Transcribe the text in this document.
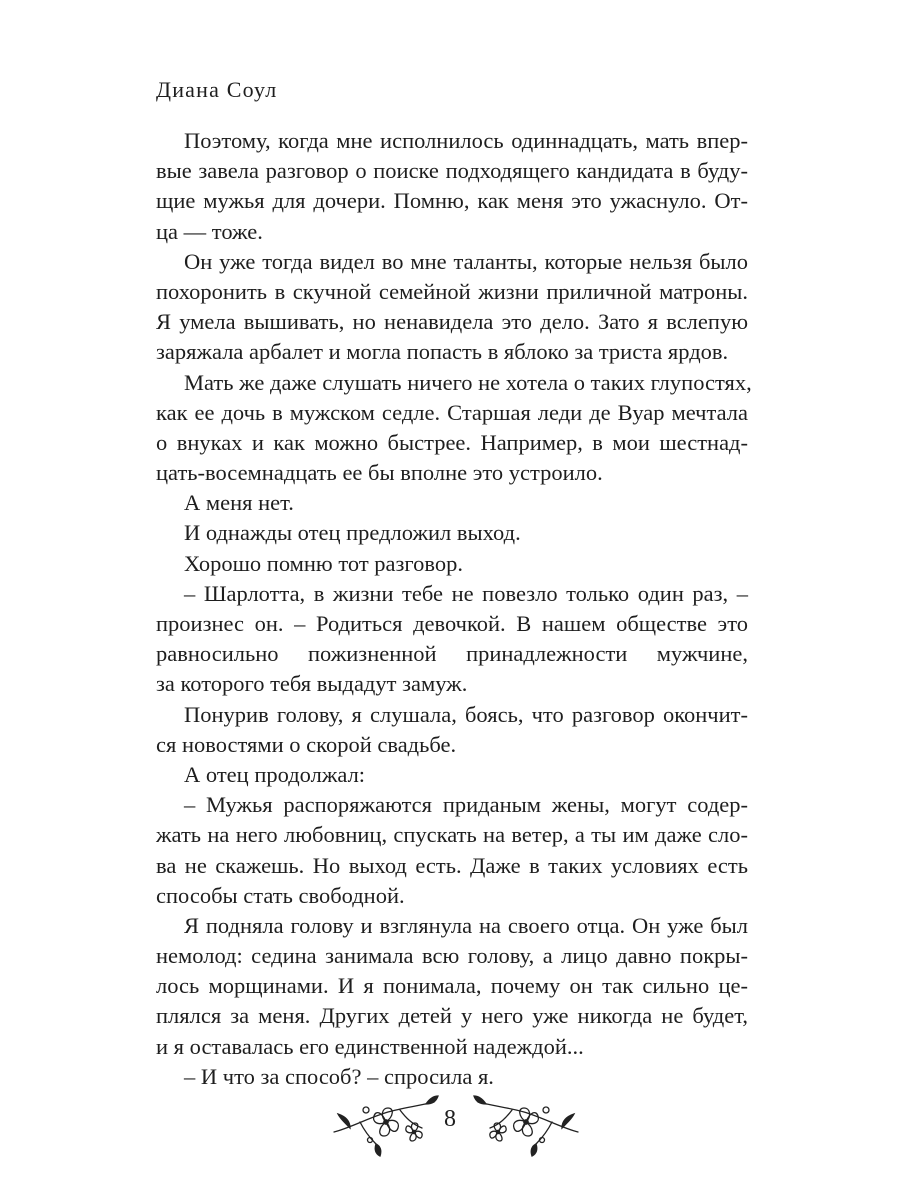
Диана Соул
Поэтому, когда мне исполнилось одиннадцать, мать впер-
вые завела разговор о поиске подходящего кандидата в буду-
щие мужья для дочери. Помню, как меня это ужаснуло. От-
ца — тоже.
Он уже тогда видел во мне таланты, которые нельзя было
похоронить в скучной семейной жизни приличной матроны.
Я умела вышивать, но ненавидела это дело. Зато я вслепую
заряжала арбалет и могла попасть в яблоко за триста ярдов.
Мать же даже слушать ничего не хотела о таких глупостях,
как ее дочь в мужском седле. Старшая леди де Вуар мечтала
о внуках и как можно быстрее. Например, в мои шестнад-
цать-восемнадцать ее бы вполне это устроило.
А меня нет.
И однажды отец предложил выход.
Хорошо помню тот разговор.
– Шарлотта, в жизни тебе не повезло только один раз, –
произнес он. – Родиться девочкой. В нашем обществе это
равносильно пожизненной принадлежности мужчине,
за которого тебя выдадут замуж.
Понурив голову, я слушала, боясь, что разговор окончит-
ся новостями о скорой свадьбе.
А отец продолжал:
– Мужья распоряжаются приданым жены, могут содер-
жать на него любовниц, спускать на ветер, а ты им даже сло-
ва не скажешь. Но выход есть. Даже в таких условиях есть
способы стать свободной.
Я подняла голову и взглянула на своего отца. Он уже был
немолод: седина занимала всю голову, а лицо давно покры-
лось морщинами. И я понимала, почему он так сильно це-
плялся за меня. Других детей у него уже никогда не будет,
и я оставалась его единственной надеждой...
– И что за способ? – спросила я.
8
